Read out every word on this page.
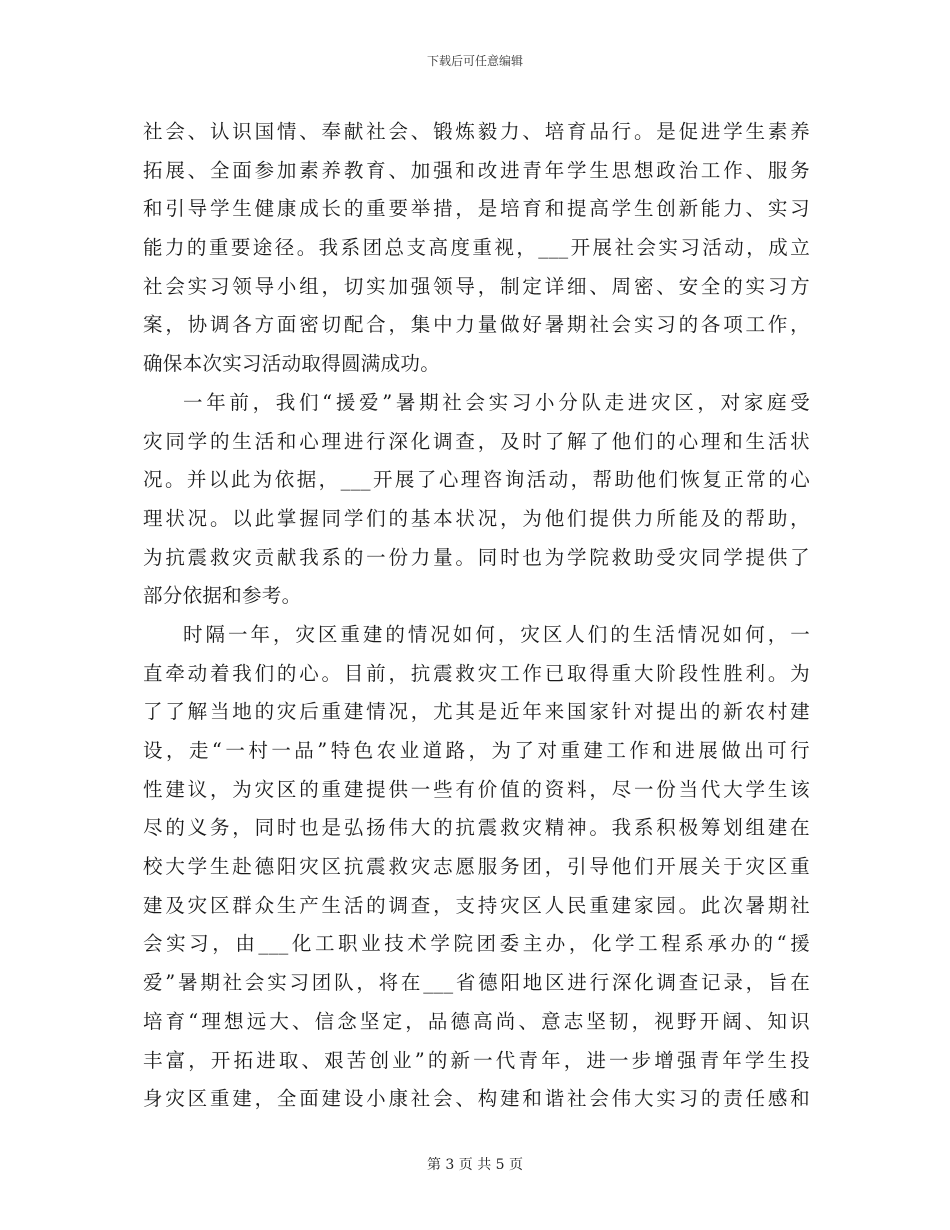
下载后可任意编辑
社会、认识国情、奉献社会、锻炼毅力、培育品行。是促进学生素养
拓展、全面参加素养教育、加强和改进青年学生思想政治工作、服务
和引导学生健康成长的重要举措，是培育和提高学生创新能力、实习
能力的重要途径。我系团总支高度重视，___开展社会实习活动，成立
社会实习领导小组，切实加强领导，制定详细、周密、安全的实习方
案，协调各方面密切配合，集中力量做好暑期社会实习的各项工作，
确保本次实习活动取得圆满成功。
一年前，我们“援爱”暑期社会实习小分队走进灾区，对家庭受
灾同学的生活和心理进行深化调查，及时了解了他们的心理和生活状
况。并以此为依据，___开展了心理咨询活动，帮助他们恢复正常的心
理状况。以此掌握同学们的基本状况，为他们提供力所能及的帮助，
为抗震救灾贡献我系的一份力量。同时也为学院救助受灾同学提供了
部分依据和参考。
时隔一年，灾区重建的情况如何，灾区人们的生活情况如何，一
直牵动着我们的心。目前，抗震救灾工作已取得重大阶段性胜利。为
了了解当地的灾后重建情况，尤其是近年来国家针对提出的新农村建
设，走“一村一品”特色农业道路，为了对重建工作和进展做出可行
性建议，为灾区的重建提供一些有价值的资料，尽一份当代大学生该
尽的义务，同时也是弘扬伟大的抗震救灾精神。我系积极筹划组建在
校大学生赴德阳灾区抗震救灾志愿服务团，引导他们开展关于灾区重
建及灾区群众生产生活的调查，支持灾区人民重建家园。此次暑期社
会实习，由___化工职业技术学院团委主办，化学工程系承办的“援
爱”暑期社会实习团队，将在___省德阳地区进行深化调查记录，旨在
培育“理想远大、信念坚定，品德高尚、意志坚韧，视野开阔、知识
丰富，开拓进取、艰苦创业”的新一代青年，进一步增强青年学生投
身灾区重建，全面建设小康社会、构建和谐社会伟大实习的责任感和
第 3 页 共 5 页
